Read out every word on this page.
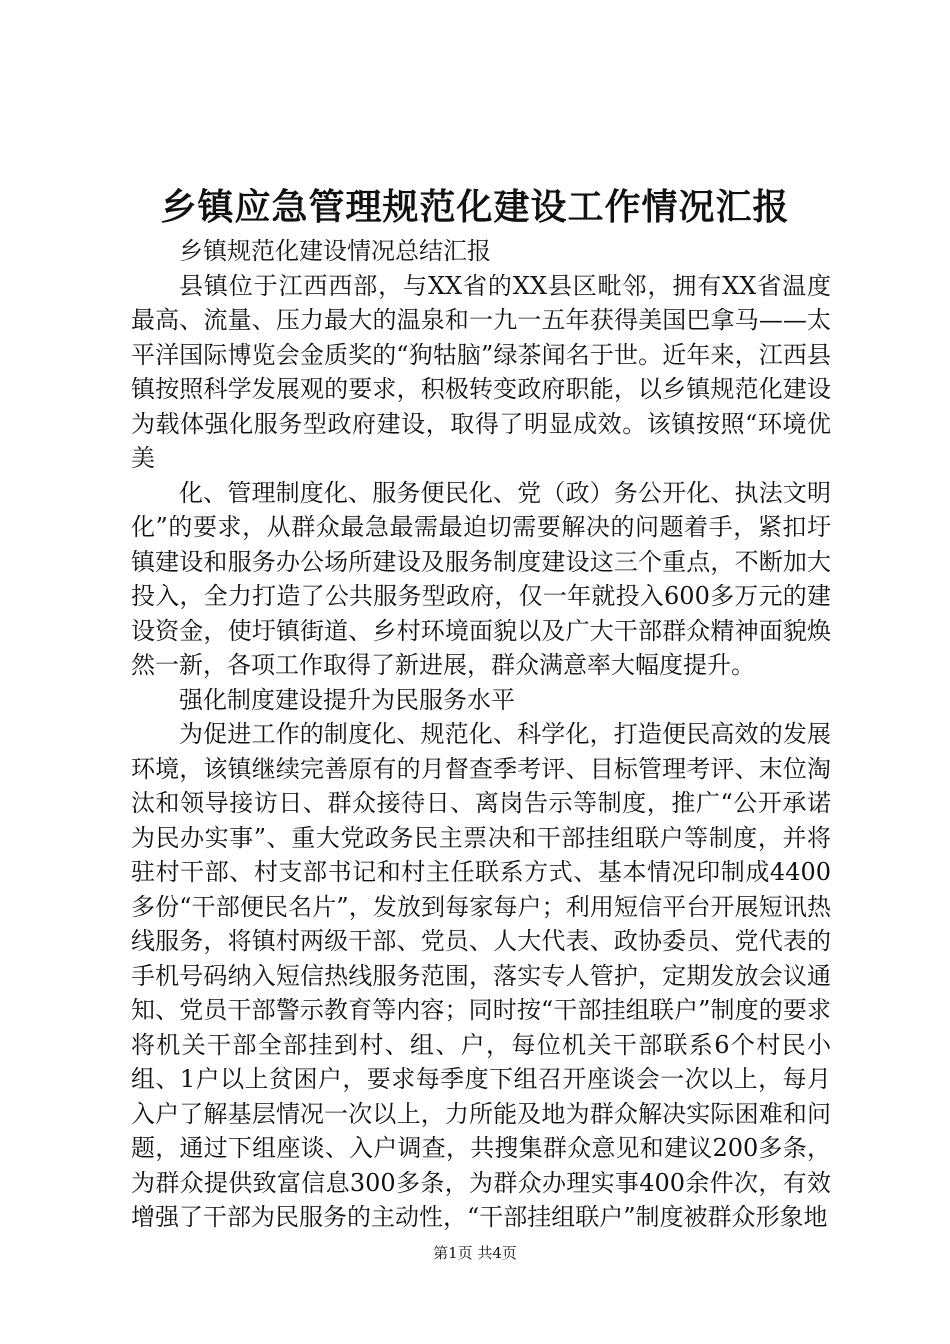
乡镇应急管理规范化建设工作情况汇报

乡镇规范化建设情况总结汇报

县镇位于江西西部，与XX省的XX县区毗邻，拥有XX省温度最高、流量、压力最大的温泉和一九一五年获得美国巴拿马——太平洋国际博览会金质奖的“狗牯脑”绿茶闻名于世。近年来，江西县镇按照科学发展观的要求，积极转变政府职能，以乡镇规范化建设为载体强化服务型政府建设，取得了明显成效。该镇按照“环境优美

化、管理制度化、服务便民化、党（政）务公开化、执法文明化”的要求，从群众最急最需最迫切需要解决的问题着手，紧扣圩镇建设和服务办公场所建设及服务制度建设这三个重点，不断加大投入，全力打造了公共服务型政府，仅一年就投入600多万元的建设资金，使圩镇街道、乡村环境面貌以及广大干部群众精神面貌焕然一新，各项工作取得了新进展，群众满意率大幅度提升。

强化制度建设提升为民服务水平

为促进工作的制度化、规范化、科学化，打造便民高效的发展环境，该镇继续完善原有的月督查季考评、目标管理考评、末位淘汰和领导接访日、群众接待日、离岗告示等制度，推广“公开承诺为民办实事”、重大党政务民主票决和干部挂组联户等制度，并将驻村干部、村支部书记和村主任联系方式、基本情况印制成4400多份“干部便民名片”，发放到每家每户；利用短信平台开展短讯热线服务，将镇村两级干部、党员、人大代表、政协委员、党代表的手机号码纳入短信热线服务范围，落实专人管护，定期发放会议通知、党员干部警示教育等内容；同时按“干部挂组联户”制度的要求将机关干部全部挂到村、组、户，每位机关干部联系6个村民小组、1户以上贫困户，要求每季度下组召开座谈会一次以上，每月入户了解基层情况一次以上，力所能及地为群众解决实际困难和问题，通过下组座谈、入户调查，共搜集群众意见和建议200多条，为群众提供致富信息300多条，为群众办理实事400余件次，有效增强了干部为民服务的主动性，“干部挂组联户”制度被群众形象地

第1页 共4页
